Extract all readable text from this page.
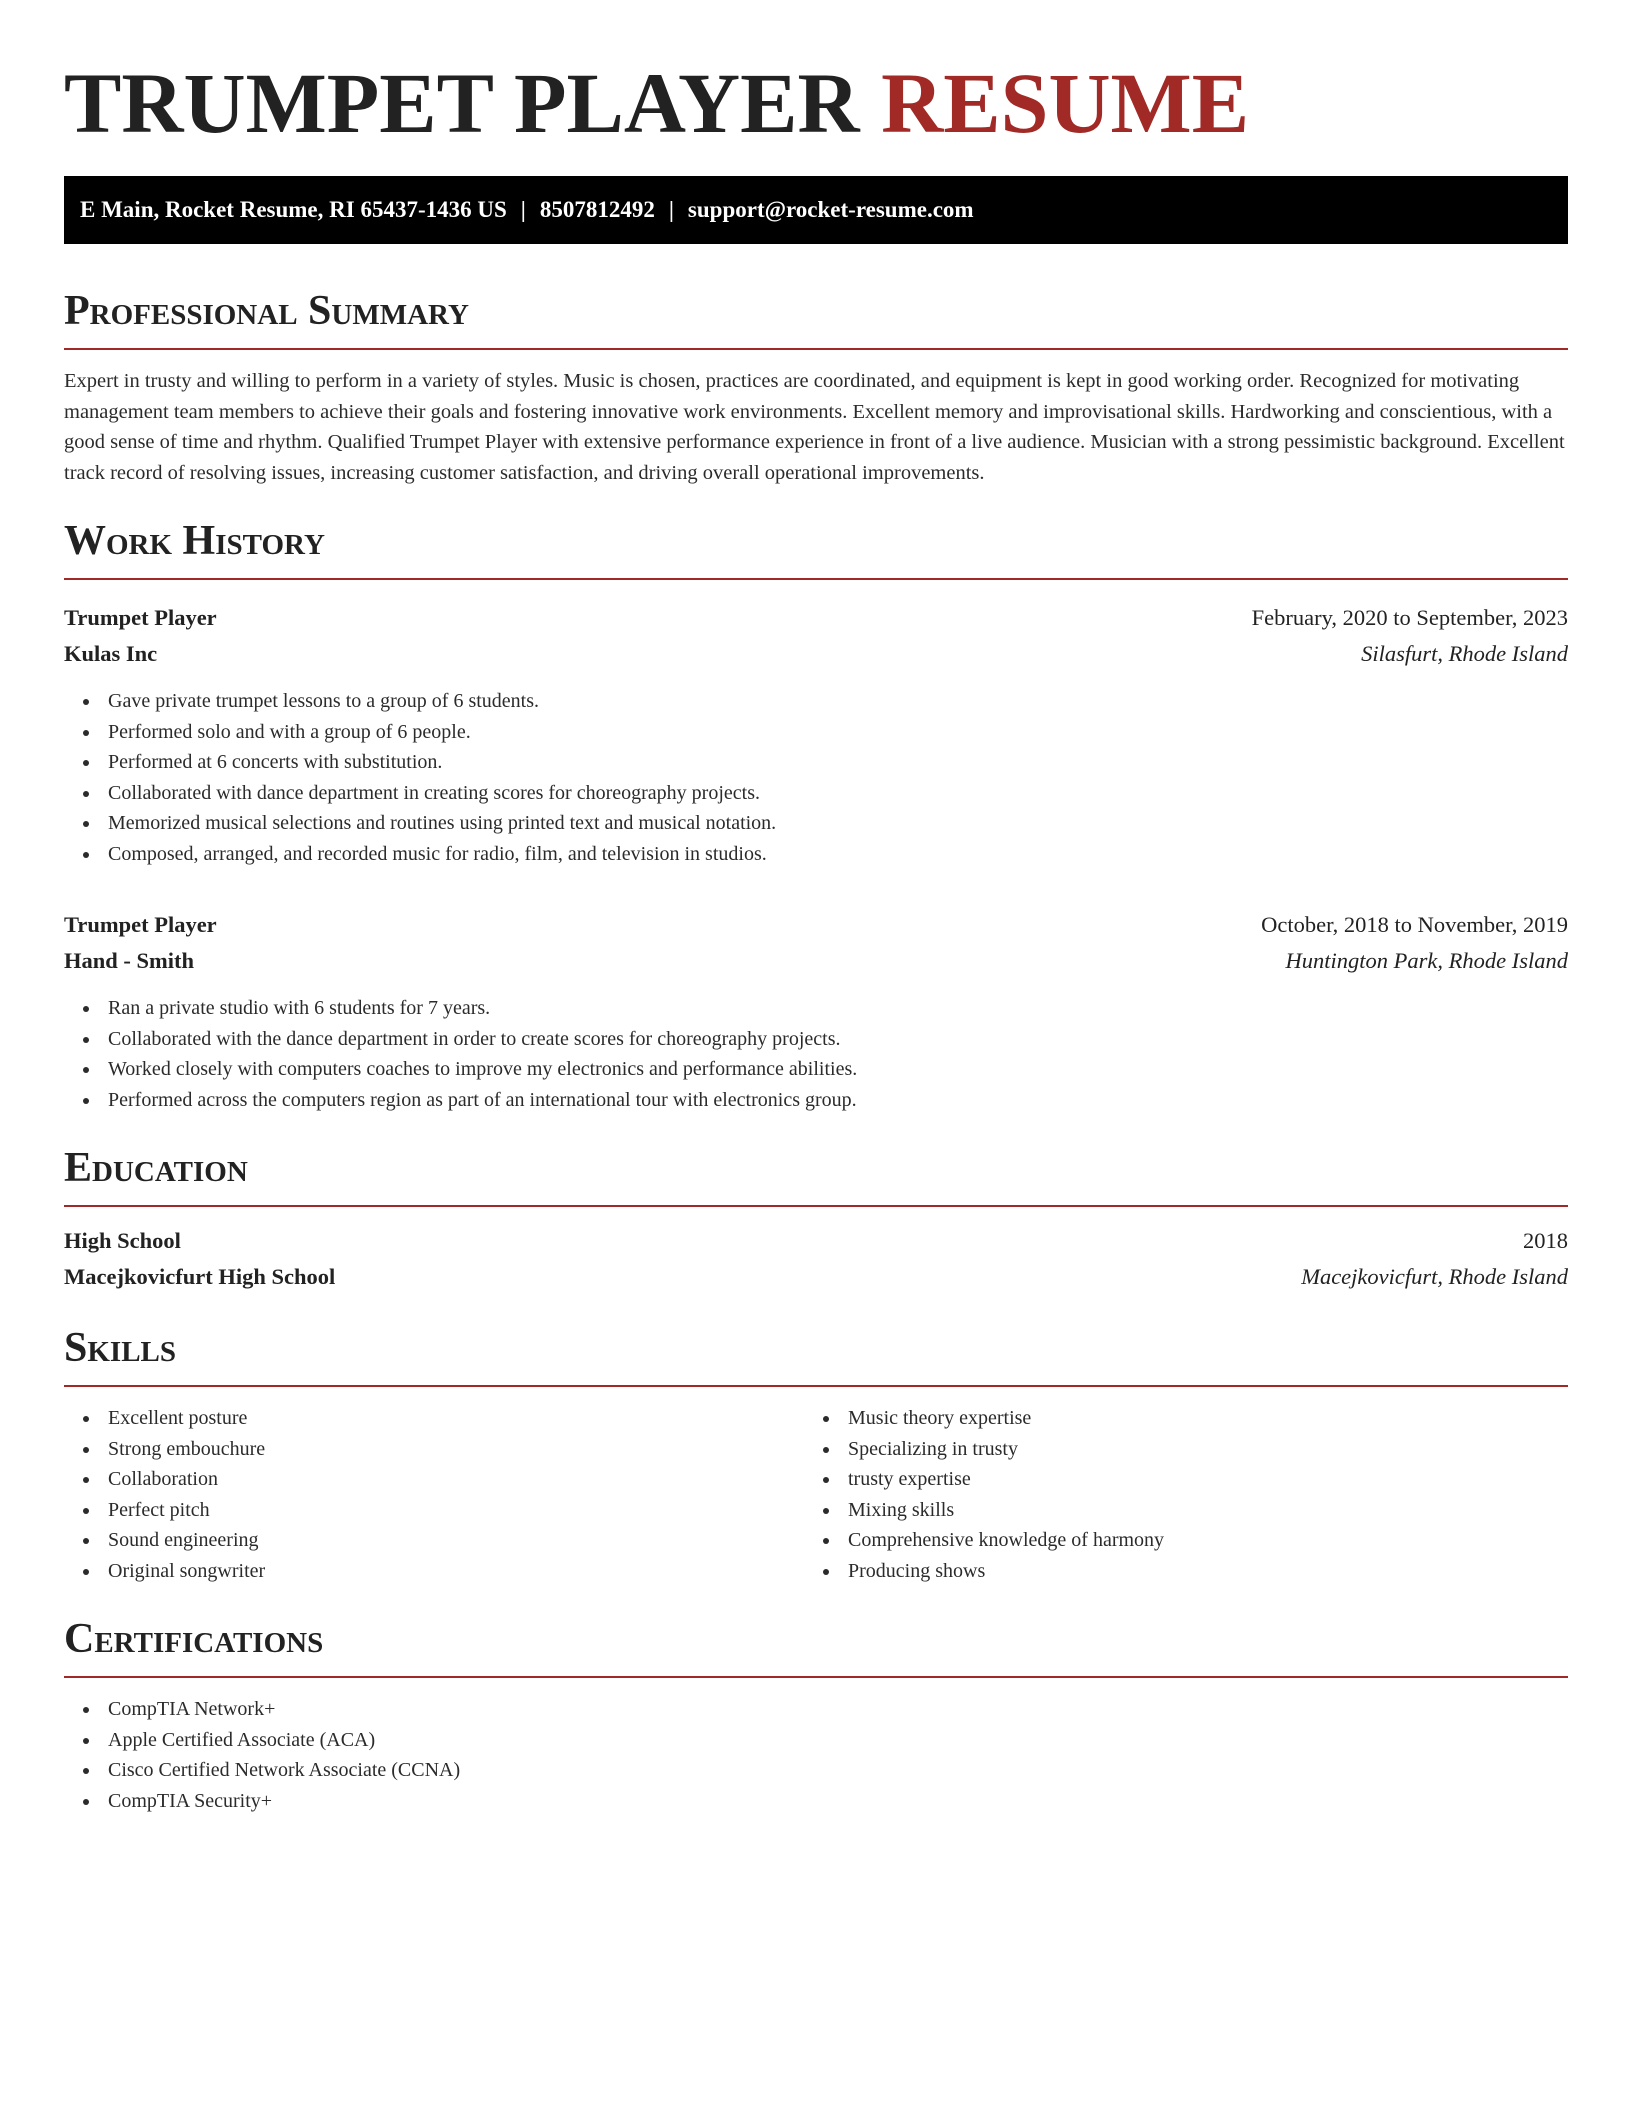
TRUMPET PLAYER RESUME
E Main, Rocket Resume, RI 65437-1436 US | 8507812492 | support@rocket-resume.com
Professional Summary

Expert in trusty and willing to perform in a variety of styles. Music is chosen, practices are coordinated, and equipment is kept in good working order. Recognized for motivating management team members to achieve their goals and fostering innovative work environments. Excellent memory and improvisational skills. Hardworking and conscientious, with a good sense of time and rhythm. Qualified Trumpet Player with extensive performance experience in front of a live audience. Musician with a strong pessimistic background. Excellent track record of resolving issues, increasing customer satisfaction, and driving overall operational improvements.

Work History
Trumpet Player	February, 2020 to September, 2023
Kulas Inc	Silasfurt, Rhode Island
Gave private trumpet lessons to a group of 6 students.
Performed solo and with a group of 6 people.
Performed at 6 concerts with substitution.
Collaborated with dance department in creating scores for choreography projects.
Memorized musical selections and routines using printed text and musical notation.
Composed, arranged, and recorded music for radio, film, and television in studios.
Trumpet Player	October, 2018 to November, 2019
Hand - Smith	Huntington Park, Rhode Island
Ran a private studio with 6 students for 7 years.
Collaborated with the dance department in order to create scores for choreography projects.
Worked closely with computers coaches to improve my electronics and performance abilities.
Performed across the computers region as part of an international tour with electronics group.
Education
High School	2018
Macejkovicfurt High School	Macejkovicfurt, Rhode Island
Skills
Excellent posture
Strong embouchure
Collaboration
Perfect pitch
Sound engineering
Original songwriter
Music theory expertise
Specializing in trusty
trusty expertise
Mixing skills
Comprehensive knowledge of harmony
Producing shows
Certifications
CompTIA Network+
Apple Certified Associate (ACA)
Cisco Certified Network Associate (CCNA)
CompTIA Security+
